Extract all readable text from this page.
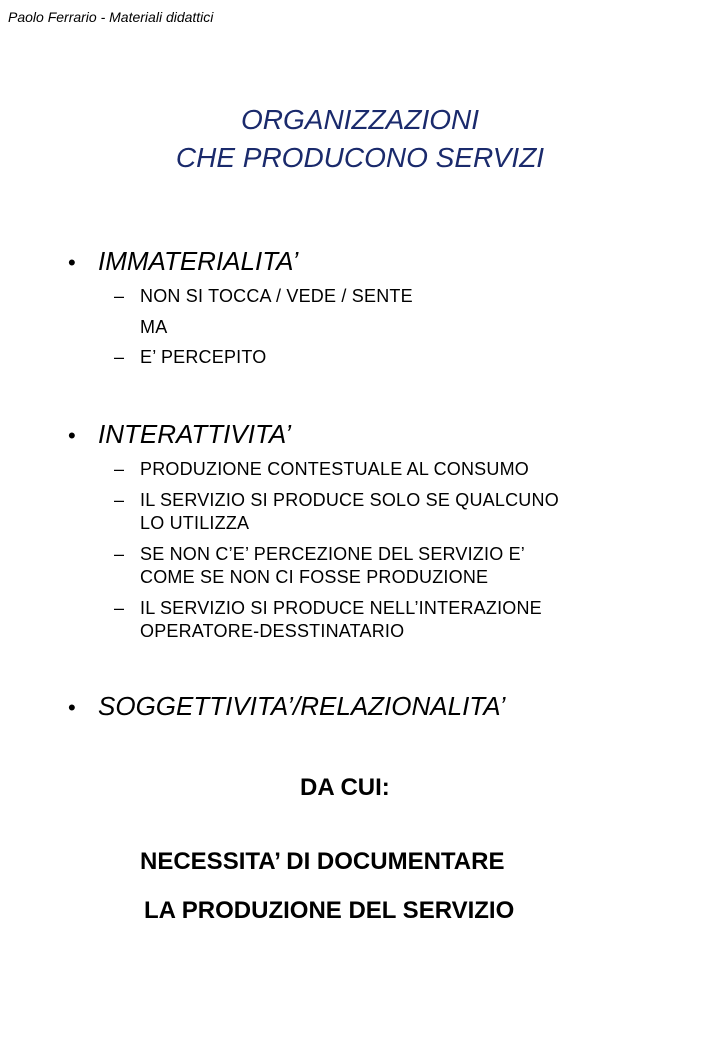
Paolo Ferrario - Materiali didattici
ORGANIZZAZIONI
CHE PRODUCONO SERVIZI
• IMMATERIALITA’
– NON SI TOCCA / VEDE / SENTE
MA
– E’ PERCEPITO
• INTERATTIVITA’
– PRODUZIONE CONTESTUALE AL CONSUMO
– IL SERVIZIO SI PRODUCE SOLO SE QUALCUNO
LO UTILIZZA
– SE NON C’E’ PERCEZIONE DEL SERVIZIO E’
COME SE NON CI FOSSE PRODUZIONE
– IL SERVIZIO SI PRODUCE NELL’INTERAZIONE
OPERATORE-DESSTINATARIO
• SOGGETTIVITA’/RELAZIONALITA’
DA CUI:
NECESSITA’ DI DOCUMENTARE
LA PRODUZIONE DEL SERVIZIO
